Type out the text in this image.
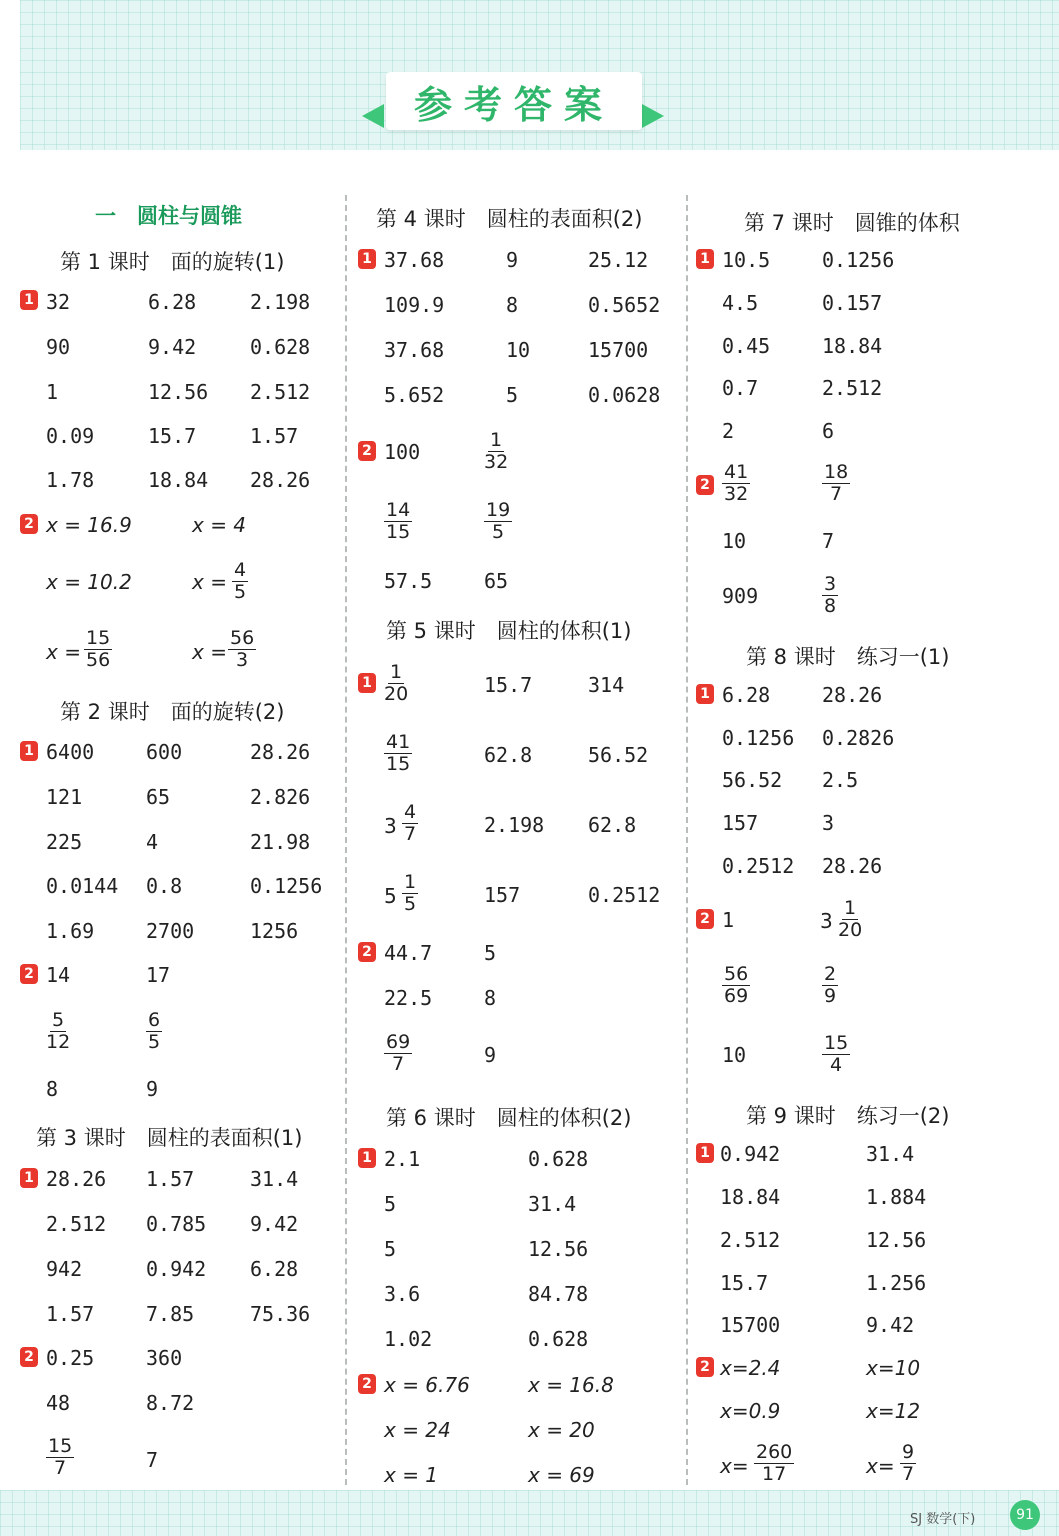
参考答案
一　圆柱与圆锥
第 1 课时　面的旋转(1)
1 32	6.28	2.198
90	9.42	0.628
1	12.56 2.512
0.09	15.7	1.57
1.78	18.84 28.26
2 x = 16.9	x = 4
x = 10.2	$x = \frac{4}{5}$
$x = \frac{15}{56}$	$x = \frac{56}{3}$
第 2 课时　面的旋转(2)
1 6400	600	28.26
121	65	2.826
225	4	21.98
0.0144 0.8	0.1256
1.69	2700	1256
2 14	17
$\frac{5}{12}$	$\frac{6}{5}$
8	9
第 3 课时　圆柱的表面积(1)
1 28.26 1.57	31.4
2.512 0.785 9.42
942	0.942 6.28
1.57	7.85	75.36
2 0.25	360
48	8.72
$\frac{15}{7}$	7
第 4 课时　圆柱的表面积(2)
1 37.68	9	25.12
109.9	8	0.5652
37.68	10	15700
5.652	5	0.0628
2 100	$\frac{1}{32}$
$\frac{14}{15}$	$\frac{19}{5}$
57.5	65
第 5 课时　圆柱的体积(1)
$1 \frac{1}{20}$	15.7	314
$\frac{41}{15}$	62.8	56.52
$3 \frac{4}{7}$	2.198 62.8
$5 \frac{1}{5}$	157	0.2512
2 44.7	5
22.5	8
$\frac{69}{7}$	9
第 6 课时　圆柱的体积(2)
1 2.1	0.628
5	31.4
5	12.56
3.6	84.78
1.02	0.628
2 x = 6.76	x = 16.8
x = 24	x = 20
x = 1	x = 69
第 7 课时　圆锥的体积
1 10.5	0.1256
4.5	0.157
0.45	18.84
0.7	2.512
2	6
$2 \frac{41}{32}$	$\frac{18}{7}$
10	7
909	$\frac{3}{8}$
第 8 课时　练习一(1)
1 6.28	28.26
0.1256 0.2826
56.52 2.5
157	3
0.2512 28.26
2 1	$3 \frac{1}{20}$
$\frac{56}{69}$	$\frac{2}{9}$
10	$\frac{15}{4}$
第 9 课时　练习一(2)
1 0.942	31.4
18.84	1.884
2.512	12.56
15.7	1.256
15700	9.42
2 x=2.4	x=10
x=0.9	x=12
$x= \frac{260}{17}$	$x= \frac{9}{7}$
SJ 数学(下)	91
